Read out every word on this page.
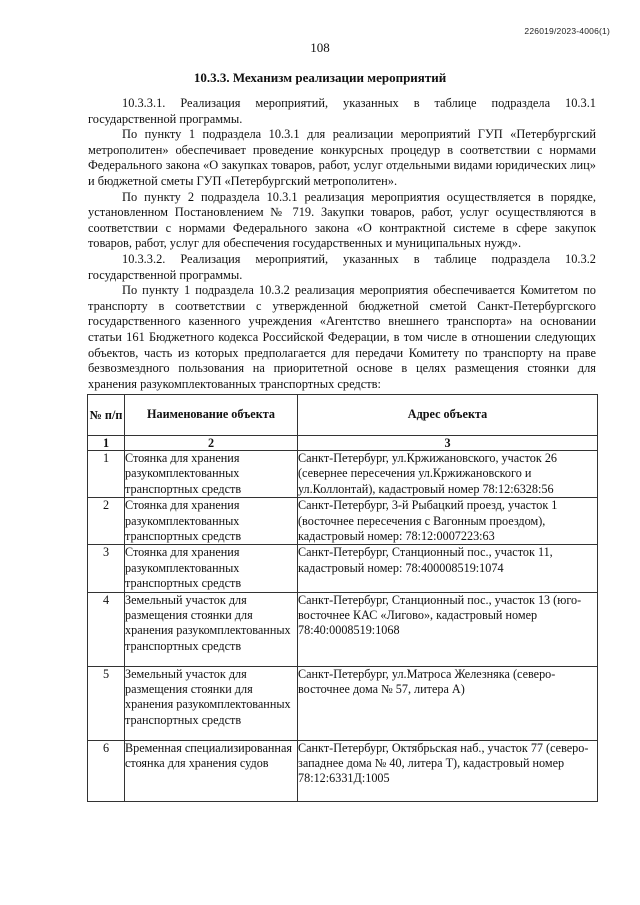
226019/2023-4006(1)
108
10.3.3. Механизм реализации мероприятий

10.3.3.1. Реализация мероприятий, указанных в таблице подраздела 10.3.1 государственной программы.

По пункту 1 подраздела 10.3.1 для реализации мероприятий ГУП «Петербургский метрополитен» обеспечивает проведение конкурсных процедур в соответствии с нормами Федерального закона «О закупках товаров, работ, услуг отдельными видами юридических лиц» и бюджетной сметы ГУП «Петербургский метрополитен».

По пункту 2 подраздела 10.3.1 реализация мероприятия осуществляется в порядке, установленном Постановлением № 719. Закупки товаров, работ, услуг осуществляются в соответствии с нормами Федерального закона «О контрактной системе в сфере закупок товаров, работ, услуг для обеспечения государственных и муниципальных нужд».

10.3.3.2. Реализация мероприятий, указанных в таблице подраздела 10.3.2 государственной программы.

По пункту 1 подраздела 10.3.2 реализация мероприятия обеспечивается Комитетом по транспорту в соответствии с утвержденной бюджетной сметой Санкт-Петербургского государственного казенного учреждения «Агентство внешнего транспорта» на основании статьи 161 Бюджетного кодекса Российской Федерации, в том числе в отношении следующих объектов, часть из которых предполагается для передачи Комитету по транспорту на праве безвозмездного пользования на приоритетной основе в целях размещения стоянки для хранения разукомплектованных транспортных средств:

№ п/п	Наименование объекта	Адрес объекта
1	2	3
1	Стоянка для хранения разукомплектованных транспортных средств	Санкт-Петербург, ул.Кржижановского, участок 26 (севернее пересечения ул.Кржижановского и ул.Коллонтай), кадастровый номер 78:12:6328:56
2	Стоянка для хранения разукомплектованных транспортных средств	Санкт-Петербург, 3-й Рыбацкий проезд, участок 1 (восточнее пересечения с Вагонным проездом), кадастровый номер: 78:12:0007223:63
3	Стоянка для хранения разукомплектованных транспортных средств	Санкт-Петербург, Станционный пос., участок 11, кадастровый номер: 78:400008519:1074
4	Земельный участок для размещения стоянки для хранения разукомплектованных транспортных средств	Санкт-Петербург, Станционный пос., участок 13 (юго-восточнее КАС «Лиговo», кадастровый номер 78:40:0008519:1068
5	Земельный участок для размещения стоянки для хранения разукомплектованных транспортных средств	Санкт-Петербург, ул.Матроса Железняка (северо-восточнее дома № 57, литера А)
6	Временная специализированная стоянка для хранения судов	Санкт-Петербург, Октябрьская наб., участок 77 (северо-западнее дома № 40, литера Т), кадастровый номер 78:12:6331Д:1005
